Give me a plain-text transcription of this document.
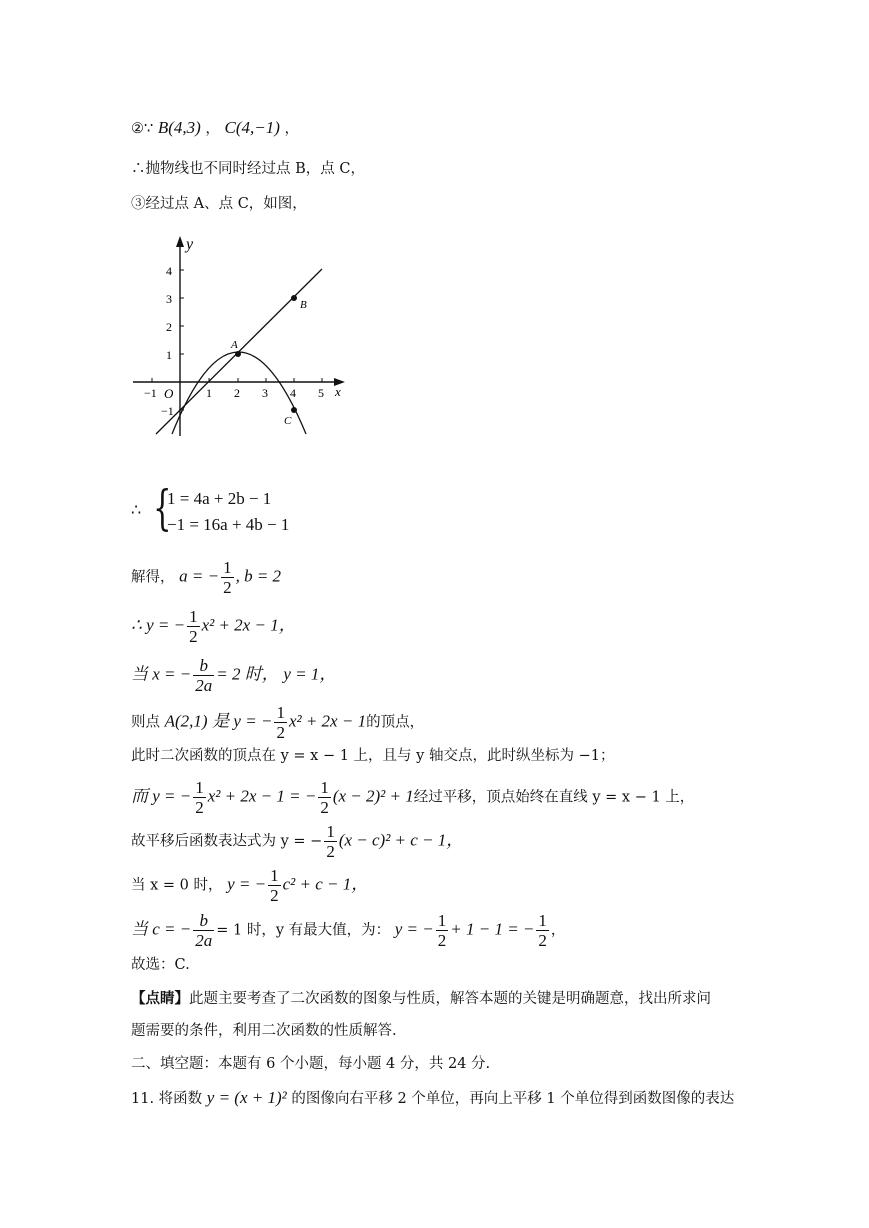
②∵ B(4,3) ， C(4,−1) ，
∴抛物线也不同时经过点 B，点 C，
③经过点 A、点 C，如图，
y
x
O
−1	1 2 3 4 5
4
3
2
1
−1
A
B
C
∴ {
1 = 4a + 2b − 1
−1 = 16a + 4b − 1
解得， a = − $\frac{1}{2}$ , b = 2
∴ y = − $\frac{1}{2} x^2 + 2x - 1$，
当 x = − $\frac{b}{2a} = 2$ 时， y = 1，
则点 A(2,1) 是 y = − $\frac{1}{2} x^2 + 2x - 1$的顶点，
此时二次函数的顶点在 y = x − 1 上，且与 y 轴交点，此时纵坐标为 −1；
而 y = − $\frac{1}{2} x^2 + 2x - 1$ = − $\frac{1}{2} (x - 2)^2 + 1$经过平移，顶点始终在直线 y = x − 1 上，
故平移后函数表达式为 y = − $\frac{1}{2} (x - c)^2 + c - 1$，
当 x = 0 时， y = − $\frac{1}{2} c^2 + c - 1$，
当 c = − $\frac{b}{2a} = 1$ 时，y 有最大值，为： y = − $\frac{1}{2} + 1 - 1$ = − $\frac{1}{2}$ ，
故选：C.
【点睛】此题主要考查了二次函数的图象与性质，解答本题的关键是明确题意，找出所求问
题需要的条件，利用二次函数的性质解答.
二、填空题：本题有 6 个小题，每小题 4 分，共 24 分.
11. 将函数 y = (x + 1)² 的图像向右平移 2 个单位，再向上平移 1 个单位得到函数图像的表达
